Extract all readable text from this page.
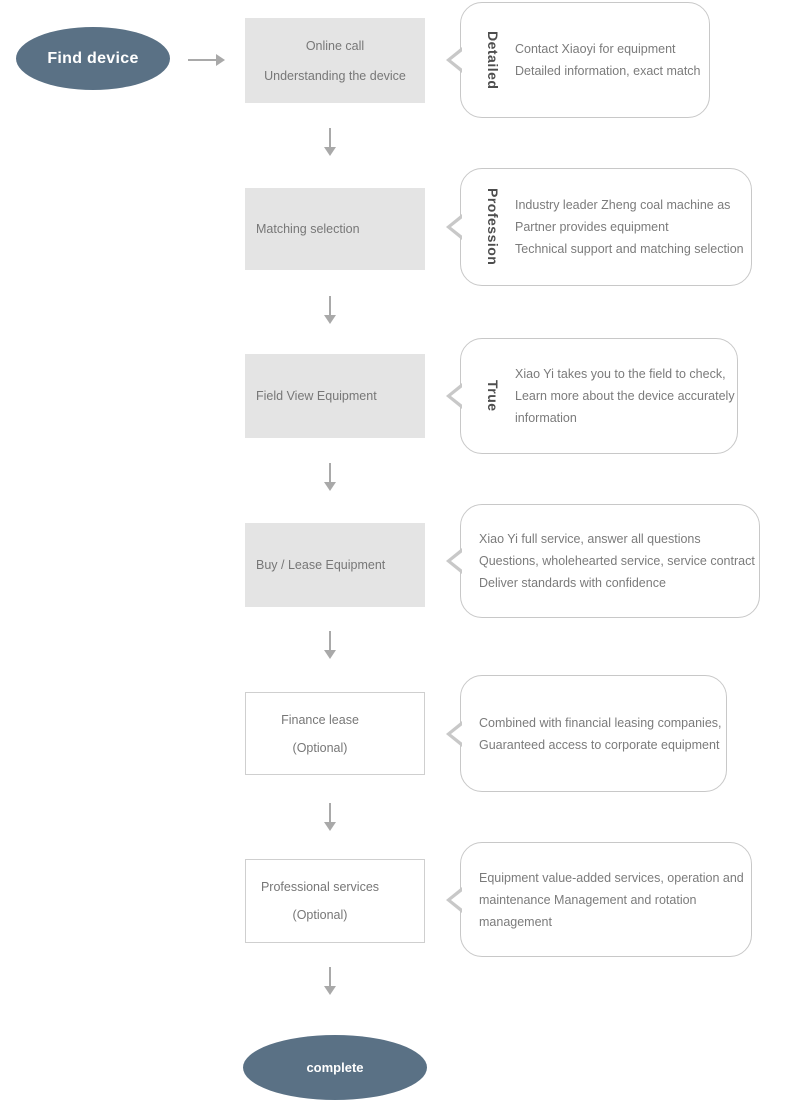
Find device
Online call
Understanding the device	Detailed Contact Xiaoyi for equipment
Detailed information, exact match
Matching selection	Profession Industry leader Zheng coal machine as
Partner provides equipment
Technical support and matching selection
Field View Equipment	True
Xiao Yi takes you to the field to check,
Learn more about the device accurately
information
Buy / Lease Equipment
Xiao Yi full service, answer all questions
Questions, wholehearted service, service contract
Deliver standards with confidence
Finance lease
(Optional)
Combined with financial leasing companies,
Guaranteed access to corporate equipment
Professional services
(Optional)
Equipment value-added services, operation and
maintenance Management and rotation
management
complete
